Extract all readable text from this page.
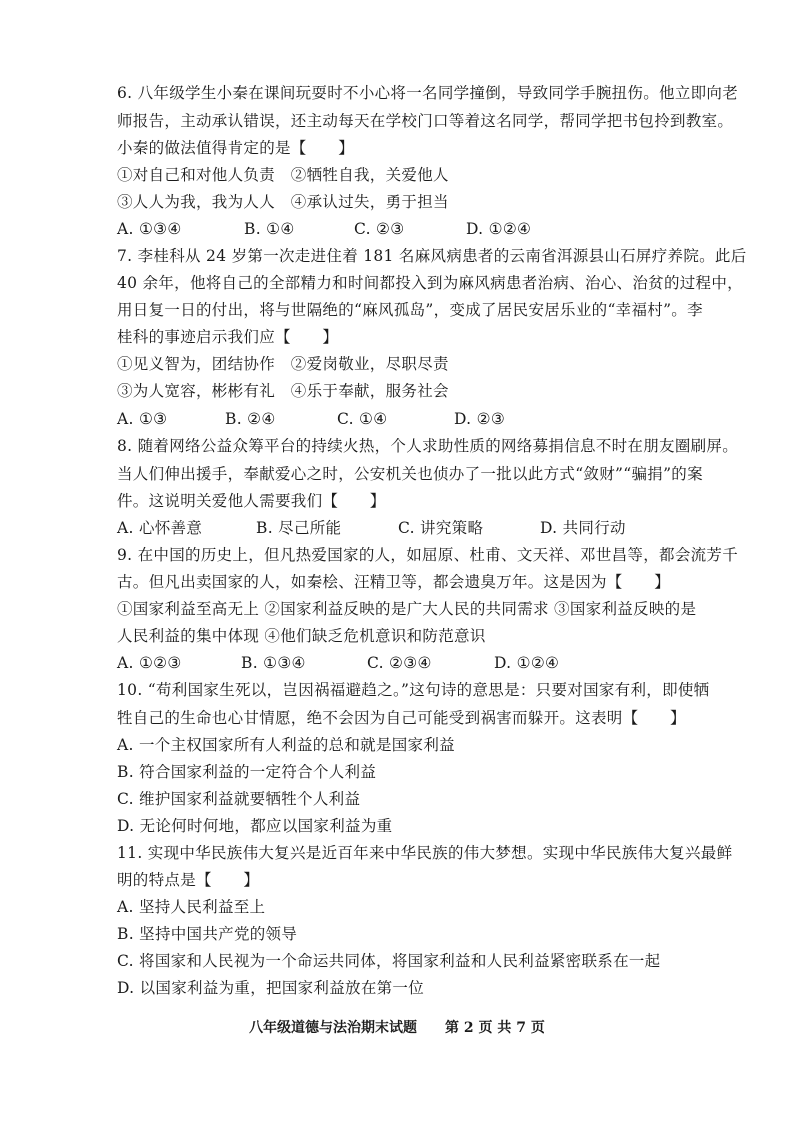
6. 八年级学生小秦在课间玩耍时不小心将一名同学撞倒，导致同学手腕扭伤。他立即向老
师报告，主动承认错误，还主动每天在学校门口等着这名同学，帮同学把书包拎到教室。
小秦的做法值得肯定的是【　　】
①对自己和对他人负责　②牺牲自我，关爱他人
③人人为我，我为人人　④承认过失，勇于担当
A. ①③④	B. ①④	C. ②③	D. ①②④
7. 李桂科从 24 岁第一次走进住着 181 名麻风病患者的云南省洱源县山石屏疗养院。此后
40 余年，他将自己的全部精力和时间都投入到为麻风病患者治病、治心、治贫的过程中，
用日复一日的付出，将与世隔绝的“麻风孤岛”，变成了居民安居乐业的“幸福村”。李
桂科的事迹启示我们应【　　】
①见义智为，团结协作　②爱岗敬业，尽职尽责
③为人宽容，彬彬有礼　④乐于奉献，服务社会
A. ①③	B. ②④	C. ①④	D. ②③
8. 随着网络公益众筹平台的持续火热，个人求助性质的网络募捐信息不时在朋友圈刷屏。
当人们伸出援手，奉献爱心之时，公安机关也侦办了一批以此方式“敛财”“骗捐”的案
件。这说明关爱他人需要我们【　　】
A. 心怀善意	B. 尽己所能	C. 讲究策略	D. 共同行动
9. 在中国的历史上，但凡热爱国家的人，如屈原、杜甫、文天祥、邓世昌等，都会流芳千
古。但凡出卖国家的人，如秦桧、汪精卫等，都会遗臭万年。这是因为【　　】
①国家利益至高无上 ②国家利益反映的是广大人民的共同需求 ③国家利益反映的是
人民利益的集中体现 ④他们缺乏危机意识和防范意识
A. ①②③	B. ①③④	C. ②③④	D. ①②④
10. “苟利国家生死以，岂因祸福避趋之。”这句诗的意思是：只要对国家有利，即使牺
牲自己的生命也心甘情愿，绝不会因为自己可能受到祸害而躲开。这表明【　　】
A. 一个主权国家所有人利益的总和就是国家利益
B. 符合国家利益的一定符合个人利益
C. 维护国家利益就要牺牲个人利益
D. 无论何时何地，都应以国家利益为重
11. 实现中华民族伟大复兴是近百年来中华民族的伟大梦想。实现中华民族伟大复兴最鲜
明的特点是【　　】
A. 坚持人民利益至上
B. 坚持中国共产党的领导
C. 将国家和人民视为一个命运共同体，将国家利益和人民利益紧密联系在一起
D. 以国家利益为重，把国家利益放在第一位
八年级道德与法治期末试题　　第 2 页 共 7 页
